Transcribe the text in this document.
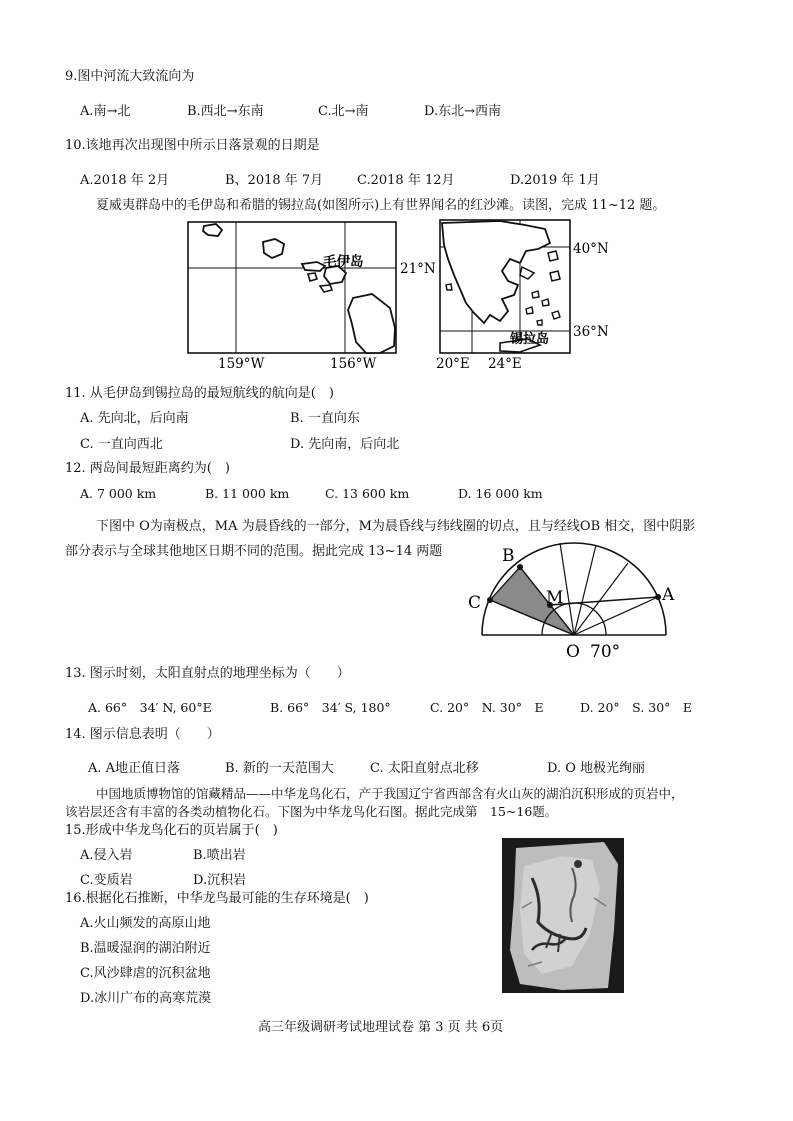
9.图中河流大致流向为
A.南→北	B.西北→东南	C.北→南	D.东北→西南
10.该地再次出现图中所示日落景观的日期是
A.2018 年 2月	B、2018 年 7月	C.2018 年 12月	D.2019 年 1月
夏威夷群岛中的毛伊岛和希腊的锡拉岛(如图所示)上有世界闻名的红沙滩。读图，完成 11~12 题。
毛伊岛	21°N
159°W	156°W
锡拉岛
40°N
36°N
20°E 24°E
11. 从毛伊岛到锡拉岛的最短航线的航向是(　)
A. 先向北，后向南	B. 一直向东
C. 一直向西北	D. 先向南，后向北
12. 两岛间最短距离约为(　)
A. 7 000 km	B. 11 000 km	C. 13 600 km	D. 16 000 km
下图中 O为南极点，MA 为晨昏线的一部分，M为晨昏线与纬线圈的切点，且与经线OB 相交，图中阴影
部分表示与全球其他地区日期不同的范围。据此完成 13~14 两题	B
C	M	A
O 70°
13. 图示时刻，太阳直射点的地理坐标为（　　）
A. 66°　34′ N, 60°E	B. 66°　34′ S, 180°	C. 20°　N. 30°　E	D. 20°　S. 30°　E
14. 图示信息表明（　　）
A. A地正值日落	B. 新的一天范围大	C. 太阳直射点北移	D. O 地极光绚丽
中国地质博物馆的馆藏精品——中华龙鸟化石，产于我国辽宁省西部含有火山灰的湖泊沉积形成的页岩中，
该岩层还含有丰富的各类动植物化石。下图为中华龙鸟化石图。据此完成第　15~16题。
15.形成中华龙鸟化石的页岩属于(　)
A.侵入岩	B.喷出岩
C.变质岩	D.沉积岩
16.根据化石推断，中华龙鸟最可能的生存环境是(　)
A.火山频发的高原山地
B.温暖湿润的湖泊附近
C.风沙肆虐的沉积盆地
D.冰川广布的高寒荒漠
高三年级调研考试地理试卷 第 3 页 共 6页
